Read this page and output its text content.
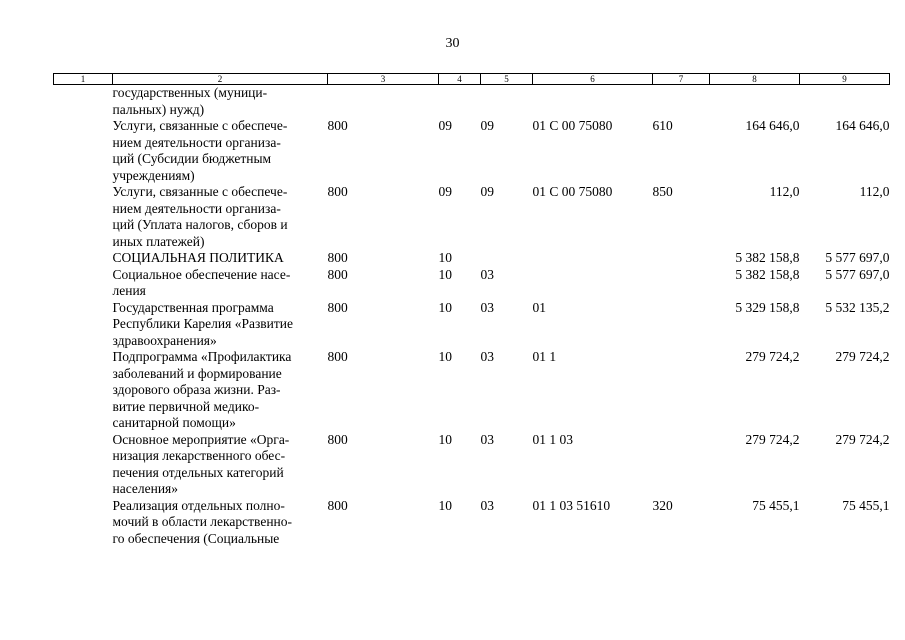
30
1	2	3	4	5	6	7	8	9
	государственных (муници-
пальных) нужд)							
	Услуги, связанные с обеспече-
нием деятельности организа-
ций (Субсидии бюджетным
учреждениям)	800	09	09	01 С 00 75080	610	164 646,0	164 646,0
	Услуги, связанные с обеспече-
нием деятельности организа-
ций (Уплата налогов, сборов и
иных платежей)	800	09	09	01 С 00 75080	850	112,0	112,0
	СОЦИАЛЬНАЯ ПОЛИТИКА	800	10				5 382 158,8	5 577 697,0
	Социальное обеспечение насе-
ления	800	10	03			5 382 158,8	5 577 697,0
	Государственная программа
Республики Карелия «Развитие
здравоохранения»	800	10	03	01		5 329 158,8	5 532 135,2
	Подпрограмма «Профилактика
заболеваний и формирование
здорового образа жизни. Раз-
витие первичной медико-
санитарной помощи»	800	10	03	01 1		279 724,2	279 724,2
	Основное мероприятие «Орга-
низация лекарственного обес-
печения отдельных категорий
населения»	800	10	03	01 1 03		279 724,2	279 724,2
	Реализация отдельных полно-
мочий в области лекарственно-
го обеспечения (Социальные	800	10	03	01 1 03 51610	320	75 455,1	75 455,1
